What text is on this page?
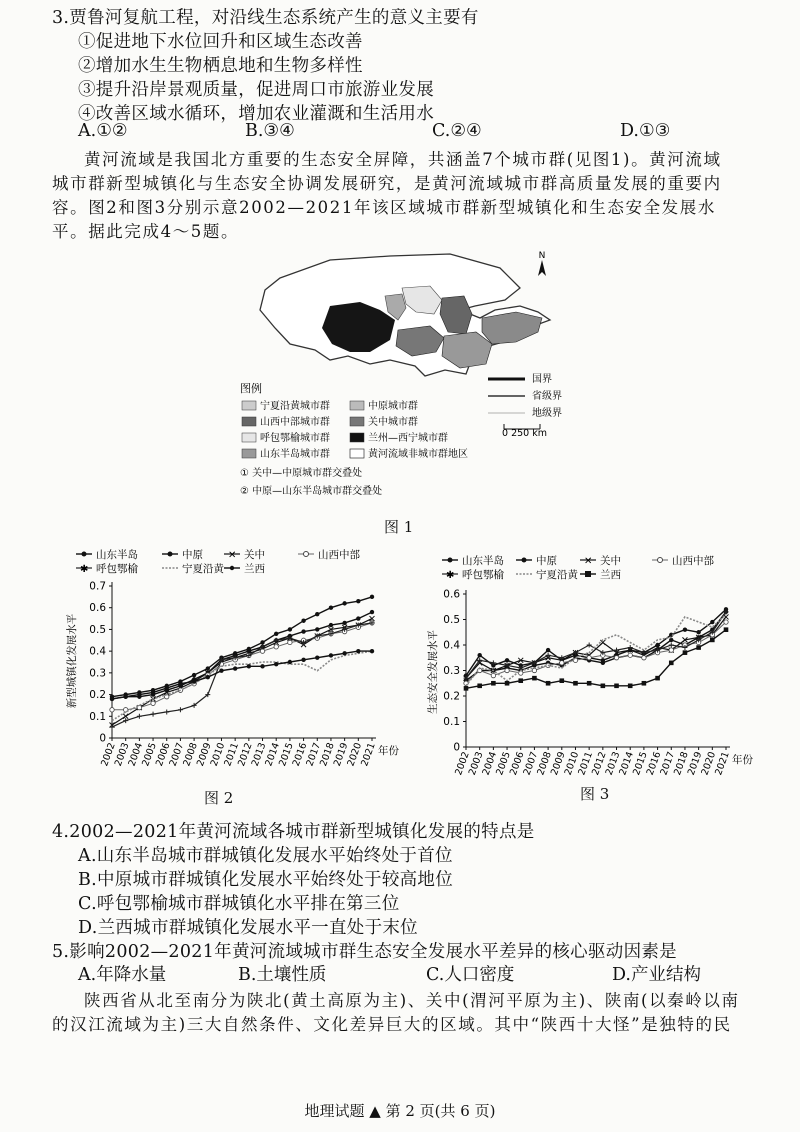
3.贾鲁河复航工程，对沿线生态系统产生的意义主要有
①促进地下水位回升和区域生态改善
②增加水生生物栖息地和生物多样性
③提升沿岸景观质量，促进周口市旅游业发展
④改善区域水循环，增加农业灌溉和生活用水
A.①②	B.③④	C.②④	D.①③
黄河流域是我国北方重要的生态安全屏障，共涵盖7个城市群(见图1)。黄河流域
城市群新型城镇化与生态安全协调发展研究，是黄河流域城市群高质量发展的重要内
容。图2和图3分别示意2002—2021年该区域城市群新型城镇化和生态安全发展水
平。据此完成4～5题。
N
图例
宁夏沿黄城市群	中原城市群
山西中部城市群	关中城市群
呼包鄂榆城市群	兰州—西宁城市群
山东半岛城市群	黄河流域非城市群地区
国界
省级界
地级界
0 250 km
① 关中—中原城市群交叠处
② 中原—山东半岛城市群交叠处
图 1
山东半岛	中原	✕ 关中	山西中部
✱ 呼包鄂榆	宁夏沿黄 兰西
新型城镇化发展水平
0
0.1
0.2
0.3
0.4
0.5
0.6
0.7
2002
2003
2004
2005
2006
2007
2008
2009
2010
2011
2012
2013
2014
2015
2016
2017
2018
2019
2020
2021 年份
图 2
山东半岛	中原	✕ 关中	山西中部
✱ 呼包鄂榆	宁夏沿黄 兰西
生态安全发展水平
0
0.1
0.2
0.3
0.4
0.5
0.6
2002
2003
2004
2005
2006
2007
2008
2009
2010
2011
2012
2013
2014
2015
2016
2017
2018
2019
2020
2021 年份
图 3
4.2002—2021年黄河流域各城市群新型城镇化发展的特点是
A.山东半岛城市群城镇化发展水平始终处于首位
B.中原城市群城镇化发展水平始终处于较高地位
C.呼包鄂榆城市群城镇化水平排在第三位
D.兰西城市群城镇化发展水平一直处于末位
5.影响2002—2021年黄河流域城市群生态安全发展水平差异的核心驱动因素是
A.年降水量	B.土壤性质	C.人口密度	D.产业结构
陕西省从北至南分为陕北(黄土高原为主)、关中(渭河平原为主)、陕南(以秦岭以南
的汉江流域为主)三大自然条件、文化差异巨大的区域。其中“陕西十大怪”是独特的民
地理试题 ▲ 第 2 页(共 6 页)
